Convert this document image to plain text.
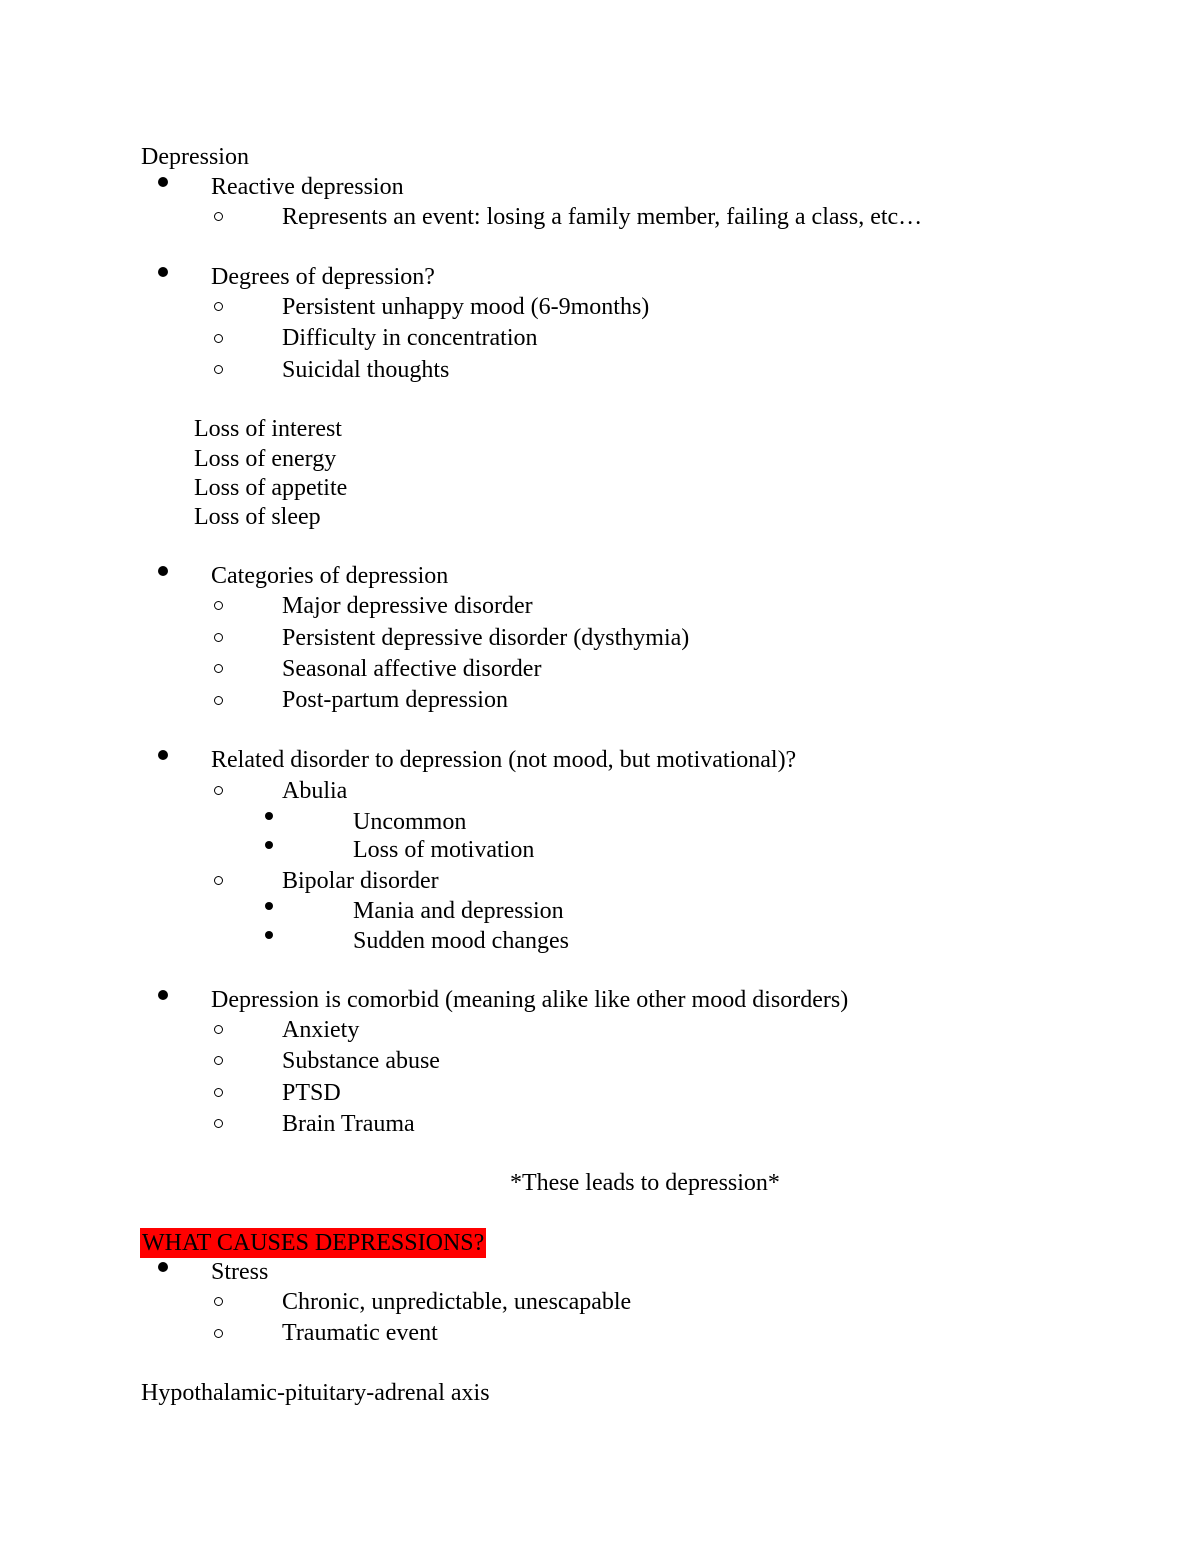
Depression
Reactive depression
Represents an event: losing a family member, failing a class, etc…
Degrees of depression?
Persistent unhappy mood (6-9months)
Difficulty in concentration
Suicidal thoughts
Loss of interest
Loss of energy
Loss of appetite
Loss of sleep
Categories of depression
Major depressive disorder
Persistent depressive disorder (dysthymia)
Seasonal affective disorder
Post-partum depression
Related disorder to depression (not mood, but motivational)?
Abulia
Uncommon
Loss of motivation
Bipolar disorder
Mania and depression
Sudden mood changes
Depression is comorbid (meaning alike like other mood disorders)
Anxiety
Substance abuse
PTSD
Brain Trauma
*These leads to depression*
WHAT CAUSES DEPRESSIONS?
Stress
Chronic, unpredictable, unescapable
Traumatic event
Hypothalamic-pituitary-adrenal axis
